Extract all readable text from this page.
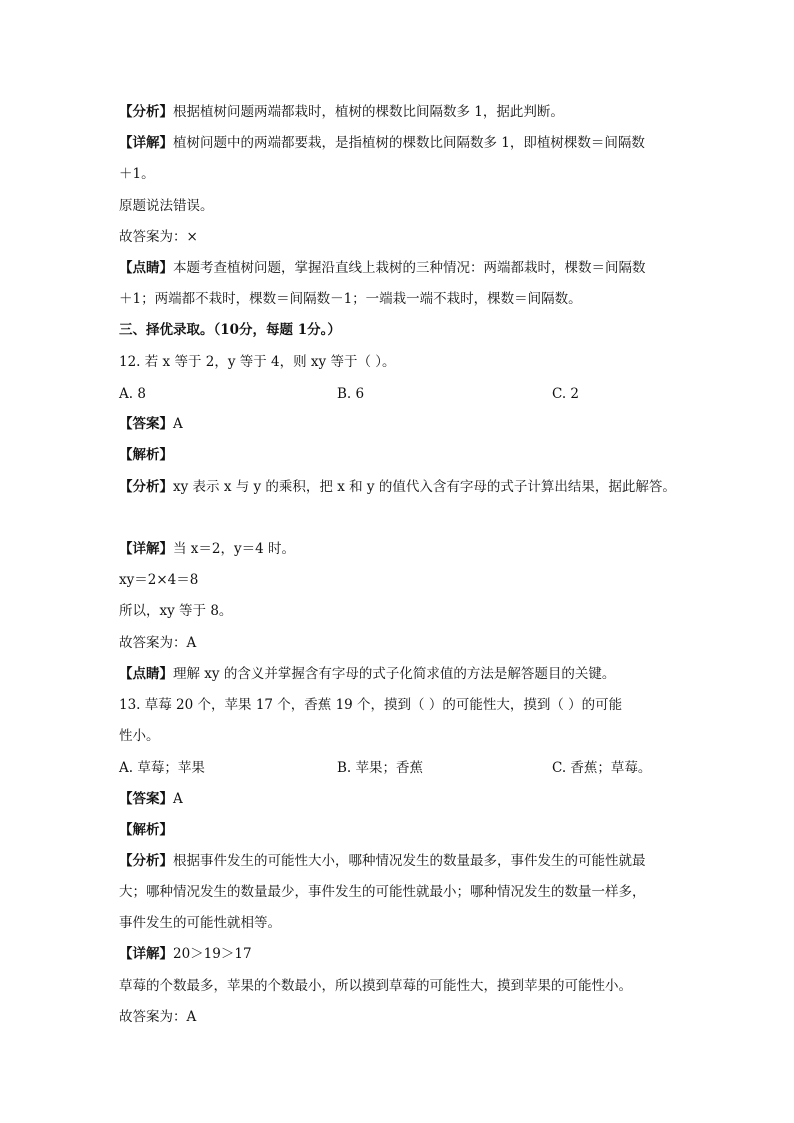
【分析】根据植树问题两端都栽时，植树的棵数比间隔数多 1，据此判断。
【详解】植树问题中的两端都要栽，是指植树的棵数比间隔数多 1，即植树棵数＝间隔数
＋1。
原题说法错误。
故答案为：×
【点睛】本题考查植树问题，掌握沿直线上栽树的三种情况：两端都栽时，棵数＝间隔数
＋1；两端都不栽时，棵数＝间隔数－1；一端栽一端不栽时，棵数＝间隔数。
三、择优录取。（10分，每题 1分。）
12. 若 x 等于 2，y 等于 4，则 xy 等于（ ）。
A. 8	B. 6	C. 2
【答案】A
【解析】
【分析】xy 表示 x 与 y 的乘积，把 x 和 y 的值代入含有字母的式子计算出结果，据此解答。
【详解】当 x＝2，y＝4 时。
xy＝2×4＝8
所以，xy 等于 8。
故答案为：A
【点睛】理解 xy 的含义并掌握含有字母的式子化简求值的方法是解答题目的关键。
13. 草莓 20 个，苹果 17 个，香蕉 19 个，摸到（ ）的可能性大，摸到（ ）的可能
性小。
A. 草莓；苹果	B. 苹果；香蕉	C. 香蕉；草莓。
【答案】A
【解析】
【分析】根据事件发生的可能性大小，哪种情况发生的数量最多，事件发生的可能性就最
大；哪种情况发生的数量最少，事件发生的可能性就最小；哪种情况发生的数量一样多，
事件发生的可能性就相等。
【详解】20＞19＞17
草莓的个数最多，苹果的个数最小，所以摸到草莓的可能性大，摸到苹果的可能性小。
故答案为：A
